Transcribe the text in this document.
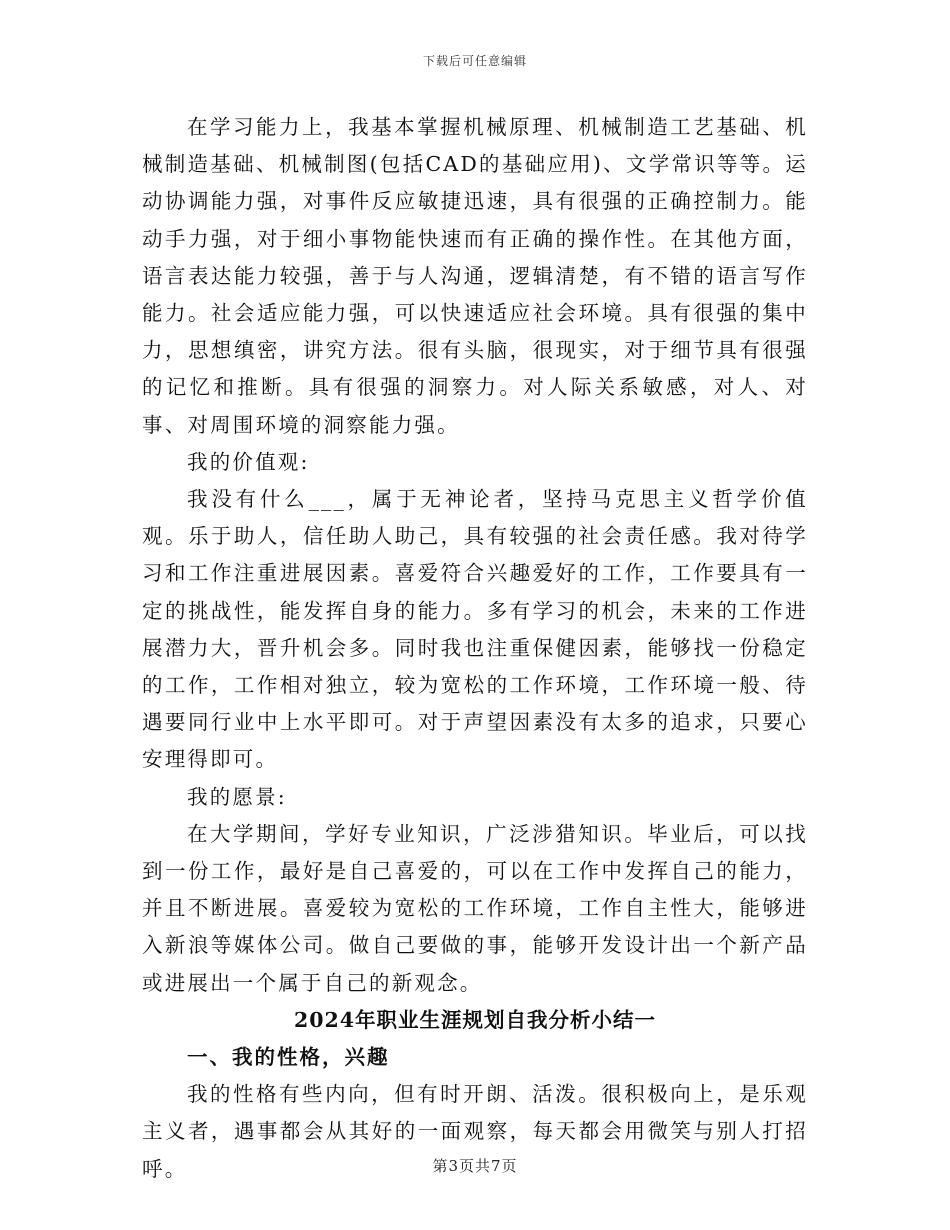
下载后可任意编辑

在学习能力上，我基本掌握机械原理、机械制造工艺基础、机械制造基础、机械制图(包括CAD的基础应用)、文学常识等等。运动协调能力强，对事件反应敏捷迅速，具有很强的正确控制力。能动手力强，对于细小事物能快速而有正确的操作性。在其他方面，语言表达能力较强，善于与人沟通，逻辑清楚，有不错的语言写作能力。社会适应能力强，可以快速适应社会环境。具有很强的集中力，思想缜密，讲究方法。很有头脑，很现实，对于细节具有很强的记忆和推断。具有很强的洞察力。对人际关系敏感，对人、对事、对周围环境的洞察能力强。

我的价值观:

我没有什么___，属于无神论者，坚持马克思主义哲学价值观。乐于助人，信任助人助己，具有较强的社会责任感。我对待学习和工作注重进展因素。喜爱符合兴趣爱好的工作，工作要具有一定的挑战性，能发挥自身的能力。多有学习的机会，未来的工作进展潜力大，晋升机会多。同时我也注重保健因素，能够找一份稳定的工作，工作相对独立，较为宽松的工作环境，工作环境一般、待遇要同行业中上水平即可。对于声望因素没有太多的追求，只要心安理得即可。

我的愿景:

在大学期间，学好专业知识，广泛涉猎知识。毕业后，可以找到一份工作，最好是自己喜爱的，可以在工作中发挥自己的能力，并且不断进展。喜爱较为宽松的工作环境，工作自主性大，能够进入新浪等媒体公司。做自己要做的事，能够开发设计出一个新产品或进展出一个属于自己的新观念。

2024年职业生涯规划自我分析小结一

一、我的性格，兴趣

我的性格有些内向，但有时开朗、活泼。很积极向上，是乐观主义者，遇事都会从其好的一面观察，每天都会用微笑与别人打招呼。	第3页共7页
